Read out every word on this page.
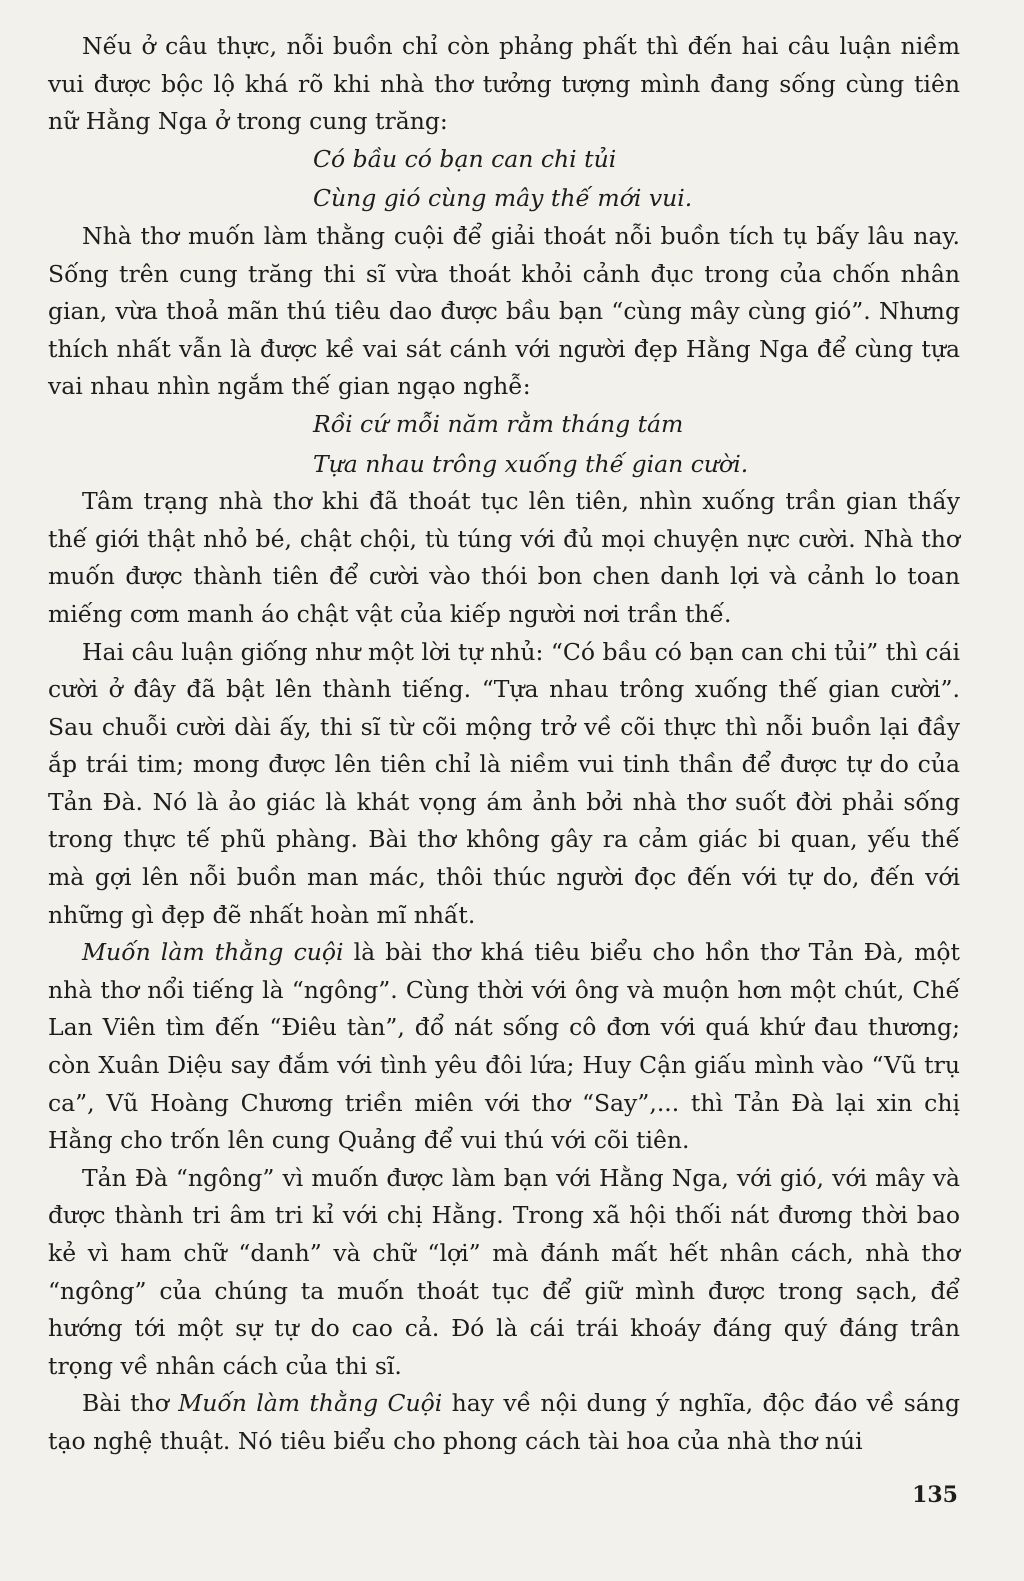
Nếu ở câu thực, nỗi buồn chỉ còn phảng phất thì đến hai câu luận niềm vui được bộc lộ khá rõ khi nhà thơ tưởng tượng mình đang sống cùng tiên nữ Hằng Nga ở trong cung trăng:

Có bầu có bạn can chi tủi
Cùng gió cùng mây thế mới vui.

Nhà thơ muốn làm thằng cuội để giải thoát nỗi buồn tích tụ bấy lâu nay. Sống trên cung trăng thi sĩ vừa thoát khỏi cảnh đục trong của chốn nhân gian, vừa thoả mãn thú tiêu dao được bầu bạn “cùng mây cùng gió”. Nhưng thích nhất vẫn là được kề vai sát cánh với người đẹp Hằng Nga để cùng tựa vai nhau nhìn ngắm thế gian ngạo nghễ:

Rồi cứ mỗi năm rằm tháng tám
Tựa nhau trông xuống thế gian cười.

Tâm trạng nhà thơ khi đã thoát tục lên tiên, nhìn xuống trần gian thấy thế giới thật nhỏ bé, chật chội, tù túng với đủ mọi chuyện nực cười. Nhà thơ muốn được thành tiên để cười vào thói bon chen danh lợi và cảnh lo toan miếng cơm manh áo chật vật của kiếp người nơi trần thế.

Hai câu luận giống như một lời tự nhủ: “Có bầu có bạn can chi tủi” thì cái cười ở đây đã bật lên thành tiếng. “Tựa nhau trông xuống thế gian cười”. Sau chuỗi cười dài ấy, thi sĩ từ cõi mộng trở về cõi thực thì nỗi buồn lại đầy ắp trái tim; mong được lên tiên chỉ là niềm vui tinh thần để được tự do của Tản Đà. Nó là ảo giác là khát vọng ám ảnh bởi nhà thơ suốt đời phải sống trong thực tế phũ phàng. Bài thơ không gây ra cảm giác bi quan, yếu thế mà gợi lên nỗi buồn man mác, thôi thúc người đọc đến với tự do, đến với những gì đẹp đẽ nhất hoàn mĩ nhất.

Muốn làm thằng cuội là bài thơ khá tiêu biểu cho hồn thơ Tản Đà, một nhà thơ nổi tiếng là “ngông”. Cùng thời với ông và muộn hơn một chút, Chế Lan Viên tìm đến “Điêu tàn”, đổ nát sống cô đơn với quá khứ đau thương; còn Xuân Diệu say đắm với tình yêu đôi lứa; Huy Cận giấu mình vào “Vũ trụ ca”, Vũ Hoàng Chương triền miên với thơ “Say”,... thì Tản Đà lại xin chị Hằng cho trốn lên cung Quảng để vui thú với cõi tiên.

Tản Đà “ngông” vì muốn được làm bạn với Hằng Nga, với gió, với mây và được thành tri âm tri kỉ với chị Hằng. Trong xã hội thối nát đương thời bao kẻ vì ham chữ “danh” và chữ “lợi” mà đánh mất hết nhân cách, nhà thơ “ngông” của chúng ta muốn thoát tục để giữ mình được trong sạch, để hướng tới một sự tự do cao cả. Đó là cái trái khoáy đáng quý đáng trân trọng về nhân cách của thi sĩ.

Bài thơ Muốn làm thằng Cuội hay về nội dung ý nghĩa, độc đáo về sáng tạo nghệ thuật. Nó tiêu biểu cho phong cách tài hoa của nhà thơ núi

135
